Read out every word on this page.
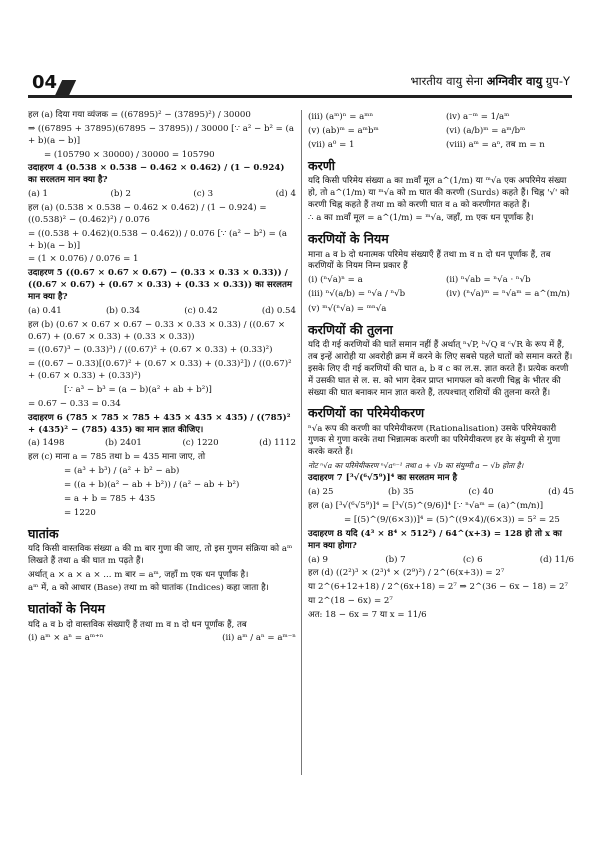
04	भारतीय वायु सेना अग्निवीर वायु ग्रुप-Y

हल (a) दिया गया व्यंजक = ((67895)² − (37895)²) / 30000

⇒ ((67895 + 37895)(67895 − 37895)) / 30000 [∵ a² − b² = (a + b)(a − b)]

= (105790 × 30000) / 30000 = 105790

उदाहरण 4 (0.538 × 0.538 − 0.462 × 0.462) / (1 − 0.924) का सरलतम मान क्या है?

(a) 1	(b) 2	(c) 3	(d) 4

हल (a) (0.538 × 0.538 − 0.462 × 0.462) / (1 − 0.924) = ((0.538)² − (0.462)²) / 0.076

= ((0.538 + 0.462)(0.538 − 0.462)) / 0.076 [∵ (a² − b²) = (a + b)(a − b)]

= (1 × 0.076) / 0.076 = 1

उदाहरण 5 ((0.67 × 0.67 × 0.67) − (0.33 × 0.33 × 0.33)) / ((0.67 × 0.67) + (0.67 × 0.33) + (0.33 × 0.33)) का सरलतम मान क्या है?

(a) 0.41	(b) 0.34	(c) 0.42	(d) 0.54

हल (b) (0.67 × 0.67 × 0.67 − 0.33 × 0.33 × 0.33) / ((0.67 × 0.67) + (0.67 × 0.33) + (0.33 × 0.33))

= ((0.67)³ − (0.33)³) / ((0.67)² + (0.67 × 0.33) + (0.33)²)

= ((0.67 − 0.33)[(0.67)² + (0.67 × 0.33) + (0.33)²]) / ((0.67)² + (0.67 × 0.33) + (0.33)²)

[∵ a³ − b³ = (a − b)(a² + ab + b²)]

= 0.67 − 0.33 = 0.34

उदाहरण 6 (785 × 785 × 785 + 435 × 435 × 435) / ((785)² + (435)² − (785) 435) का मान ज्ञात कीजिए।

(a) 1498	(b) 2401	(c) 1220	(d) 1112

हल (c) माना a = 785 तथा b = 435 माना जाए, तो

= (a³ + b³) / (a² + b² − ab)

= ((a + b)(a² − ab + b²)) / (a² − ab + b²)

= a + b = 785 + 435

= 1220

घातांक

यदि किसी वास्तविक संख्या a की m बार गुणा की जाए, तो इस गुणन संक्रिया को aᵐ लिखते हैं तथा a की घात m पढ़ते हैं।

अर्थात् a × a × a × ... m बार = aᵐ, जहाँ m एक धन पूर्णांक है।

aᵐ में, a को आधार (Base) तथा m को घातांक (Indices) कहा जाता है।

घातांकों के नियम

यदि a व b दो वास्तविक संख्याएँ हैं तथा m व n दो धन पूर्णांक हैं, तब

(i) aᵐ × aⁿ = aᵐ⁺ⁿ	(ii) aᵐ / aⁿ = aᵐ⁻ⁿ
(iii) (aᵐ)ⁿ = aᵐⁿ	(iv) a⁻ᵐ = 1/aᵐ
(v) (ab)ᵐ = aᵐbᵐ	(vi) (a/b)ᵐ = aᵐ/bᵐ
(vii) a⁰ = 1	(viii) aᵐ = aⁿ, तब m = n
करणी

यदि किसी परिमेय संख्या a का mवाँ मूल a^(1/m) या ᵐ√a एक अपरिमेय संख्या हो, तो a^(1/m) या ᵐ√a को m घात की करणी (Surds) कहते हैं। चिह्न '√' को करणी चिह्न कहते हैं तथा m को करणी घात व a को करणीगत कहते हैं।

∴ a का mवाँ मूल = a^(1/m) = ᵐ√a, जहाँ, m एक धन पूर्णांक है।

करणियों के नियम

माना a व b दो धनात्मक परिमेय संख्याएँ हैं तथा m व n दो धन पूर्णांक हैं, तब करणियों के नियम निम्न प्रकार हैं

(i) (ⁿ√a)ⁿ = a	(ii) ⁿ√ab = ⁿ√a · ⁿ√b
(iii) ⁿ√(a/b) = ⁿ√a / ⁿ√b	(iv) (ⁿ√a)ᵐ = ⁿ√aᵐ = a^(m/n)

(v) ᵐ√(ⁿ√a) = ᵐⁿ√a

करणियों की तुलना

यदि दी गई करणियों की घातें समान नहीं हैं अर्थात् ⁿ√P, ᵇ√Q व ᶜ√R के रूप में हैं, तब इन्हें आरोही या अवरोही क्रम में करने के लिए सबसे पहले घातों को समान करते हैं। इसके लिए दी गई करणियों की घात a, b व c का ल.स. ज्ञात करते हैं। प्रत्येक करणी में उसकी घात से ल. स. को भाग देकर प्राप्त भागफल को करणी चिह्न के भीतर की संख्या की घात बनाकर मान ज्ञात करते हैं, तत्पश्चात् राशियों की तुलना करते हैं।

करणियों का परिमेयीकरण

ⁿ√a रूप की करणी का परिमेयीकरण (Rationalisation) उसके परिमेयकारी गुणक से गुणा करके तथा भिन्नात्मक करणी का परिमेयीकरण हर के संयुग्मी से गुणा करके करते हैं।

नोट ⁿ√a का परिमेयीकरण ⁿ√aⁿ⁻¹ तथा a + √b का संयुग्मी a − √b होता है।

उदाहरण 7 [³√(⁶√5⁹)]⁴ का सरलतम मान है

(a) 25	(b) 35	(c) 40	(d) 45

हल (a) [³√(⁶√5⁹)]⁴ = [³√(5)^(9/6)]⁴ [∵ ⁿ√aᵐ = (a)^(m/n)]

= [(5)^(9/(6×3))]⁴ = (5)^((9×4)/(6×3)) = 5² = 25

उदाहरण 8 यदि (4³ × 8⁴ × 512²) / 64^(x+3) = 128 हो तो x का मान क्या होगा?

(a) 9	(b) 7	(c) 6	(d) 11/6

हल (d) ((2²)³ × (2³)⁴ × (2⁹)²) / 2^(6(x+3)) = 2⁷

या 2^(6+12+18) / 2^(6x+18) = 2⁷ ⇒ 2^(36 − 6x − 18) = 2⁷

या 2^(18 − 6x) = 2⁷

अत: 18 − 6x = 7 या x = 11/6
